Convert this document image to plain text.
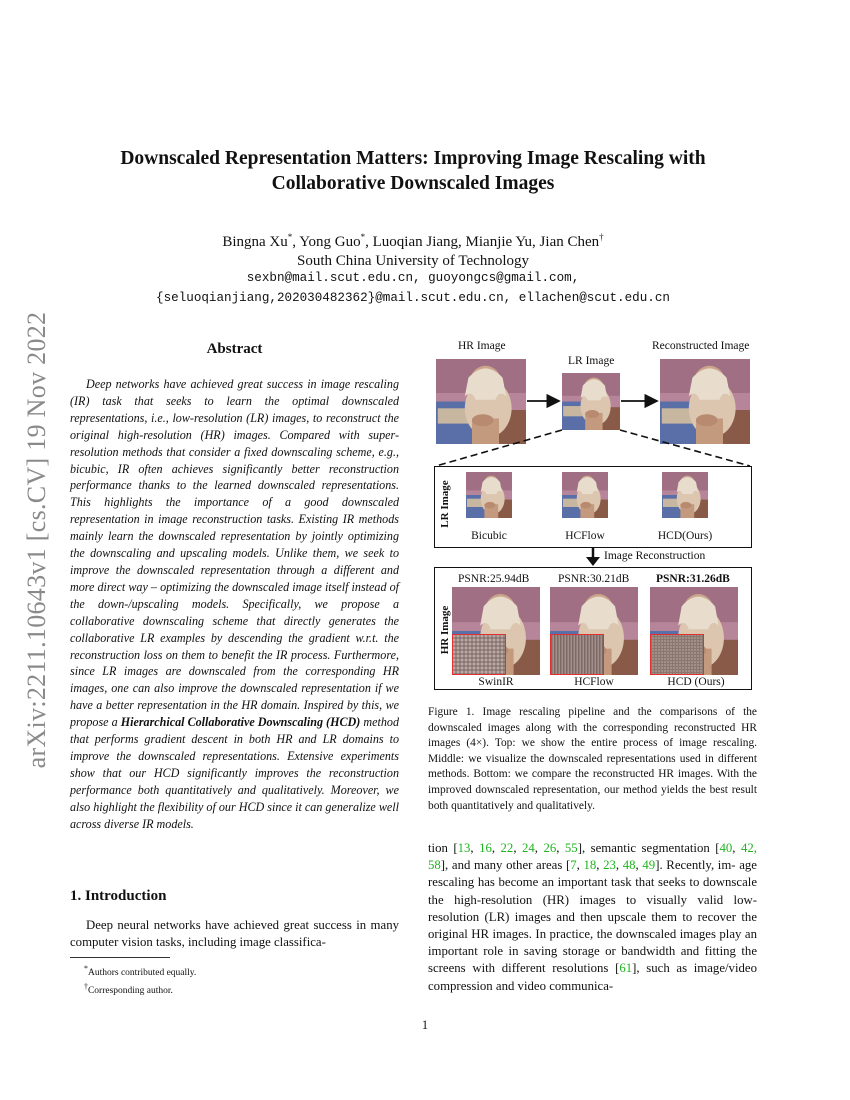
arXiv:2211.10643v1 [cs.CV] 19 Nov 2022
Downscaled Representation Matters: Improving Image Rescaling with
Collaborative Downscaled Images
Bingna Xu*, Yong Guo*, Luoqian Jiang, Mianjie Yu, Jian Chen†
South China University of Technology
sexbn@mail.scut.edu.cn, guoyongcs@gmail.com,
{seluoqianjiang,202030482362}@mail.scut.edu.cn, ellachen@scut.edu.cn
Abstract
Deep networks have achieved great success in image rescaling (IR) task that seeks to learn the optimal downscaled representations, i.e., low-resolution (LR) images, to reconstruct the original high-resolution (HR) images. Compared with super-resolution methods that consider a fixed downscaling scheme, e.g., bicubic, IR often achieves significantly better reconstruction performance thanks to the learned downscaled representations. This highlights the importance of a good downscaled representation in image reconstruction tasks. Existing IR methods mainly learn the downscaled representation by jointly optimizing the downscaling and upscaling models. Unlike them, we seek to improve the downscaled representation through a different and more direct way – optimizing the downscaled image itself instead of the down-/upscaling models. Specifically, we propose a collaborative downscaling scheme that directly generates the collaborative LR examples by descending the gradient w.r.t. the reconstruction loss on them to benefit the IR process. Furthermore, since LR images are downscaled from the corresponding HR images, one can also improve the downscaled representation if we have a better representation in the HR domain. Inspired by this, we propose a Hierarchical Collaborative Downscaling (HCD) method that performs gradient descent in both HR and LR domains to improve the downscaled representations. Extensive experiments show that our HCD significantly improves the reconstruction performance both quantitatively and qualitatively. Moreover, we also highlight the flexibility of our HCD since it can generalize well across diverse IR models.
1. Introduction
Deep neural networks have achieved great success in many computer vision tasks, including image classifica-
*Authors contributed equally.
†Corresponding author.
HR Image
LR Image
Reconstructed Image
LR Image
Bicubic	HCFlow	HCD(Ours)
Image Reconstruction
HR Image
PSNR:25.94dB PSNR:30.21dB PSNR:31.26dB
SwinIR	HCFlow	HCD (Ours)
Figure 1. Image rescaling pipeline and the comparisons of the downscaled images along with the corresponding reconstructed HR images (4×). Top: we show the entire process of image rescaling. Middle: we visualize the downscaled representations used in different methods. Bottom: we compare the reconstructed HR images. With the improved downscaled representation, our method yields the best result both quantitatively and qualitatively.
tion [13, 16, 22, 24, 26, 55], semantic segmentation [40, 42, 58], and many other areas [7, 18, 23, 48, 49]. Recently, im- age rescaling has become an important task that seeks to downscale the high-resolution (HR) images to visually valid low-resolution (LR) images and then upscale them to recover the original HR images. In practice, the downscaled images play an important role in saving storage or bandwidth and fitting the screens with different resolutions [61], such as image/video compression and video communica-
1
